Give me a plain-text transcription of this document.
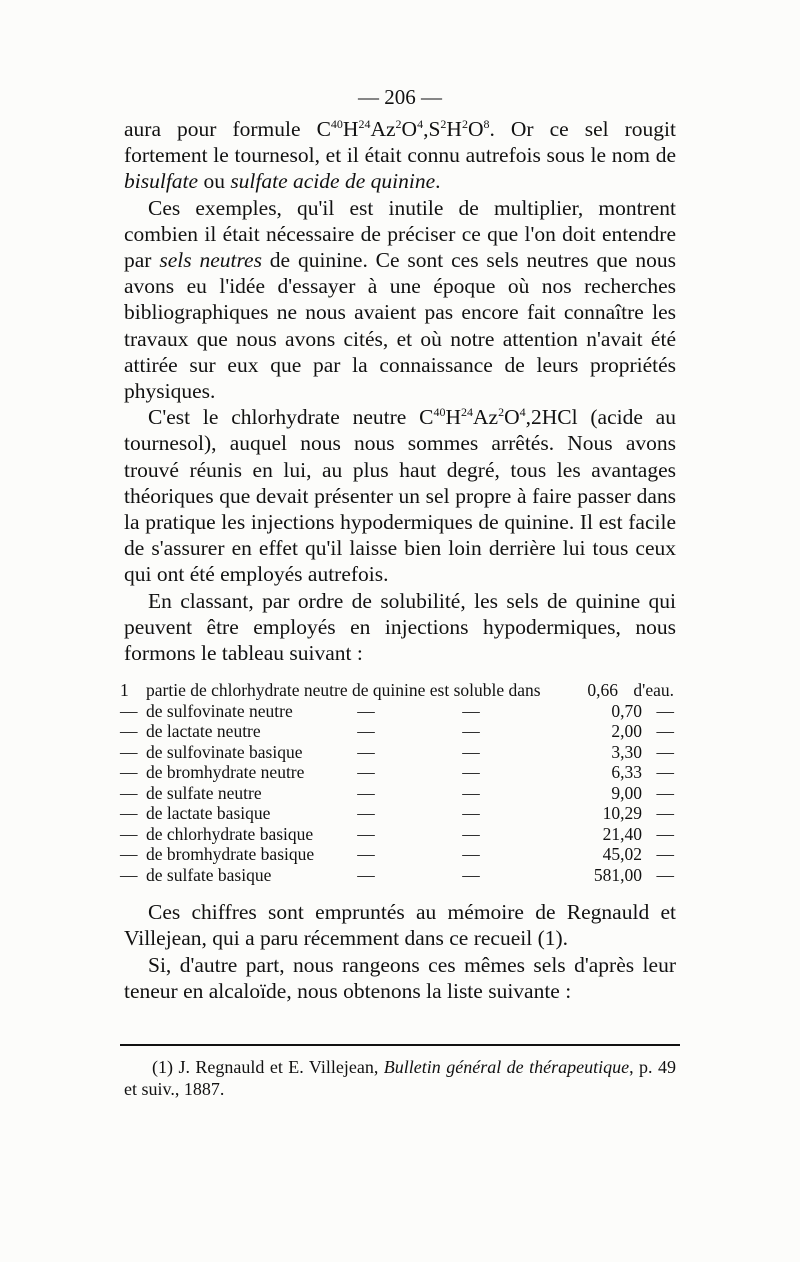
— 206 —

aura pour formule $C^{40}H^{24}Az^2O^4,S^2H^2O^8$. Or ce sel rougit fortement le tournesol, et il était connu autrefois sous le nom de bisulfate ou sulfate acide de quinine.

Ces exemples, qu'il est inutile de multiplier, montrent combien il était nécessaire de préciser ce que l'on doit entendre par sels neutres de quinine. Ce sont ces sels neutres que nous avons eu l'idée d'essayer à une époque où nos recherches bibliographiques ne nous avaient pas encore fait connaître les travaux que nous avons cités, et où notre attention n'avait été attirée sur eux que par la connaissance de leurs propriétés physiques.

C'est le chlorhydrate neutre $C^{40}H^{24}Az^2O^4,2HCl$ (acide au tournesol), auquel nous nous sommes arrêtés. Nous avons trouvé réunis en lui, au plus haut degré, tous les avantages théoriques que devait présenter un sel propre à faire passer dans la pratique les injections hypodermiques de quinine. Il est facile de s'assurer en effet qu'il laisse bien loin derrière lui tous ceux qui ont été employés autrefois.

En classant, par ordre de solubilité, les sels de quinine qui peuvent être employés en injections hypodermiques, nous formons le tableau suivant :

1 partie de chlorhydrate neutre de quinine est soluble dans	0,66 d'eau.
— de sulfovinate neutre	—	—	0,70 —
— de lactate neutre	—	—	2,00 —
— de sulfovinate basique	—	—	3,30 —
— de bromhydrate neutre	—	—	6,33 —
— de sulfate neutre	—	—	9,00 —
— de lactate basique	—	—	10,29 —
— de chlorhydrate basique	—	—	21,40 —
— de bromhydrate basique	—	—	45,02 —
— de sulfate basique	—	—	581,00 —

Ces chiffres sont empruntés au mémoire de Regnauld et Villejean, qui a paru récemment dans ce recueil (1).

Si, d'autre part, nous rangeons ces mêmes sels d'après leur teneur en alcaloïde, nous obtenons la liste suivante :

(1) J. Regnauld et E. Villejean, Bulletin général de thérapeutique, p. 49 et suiv., 1887.
